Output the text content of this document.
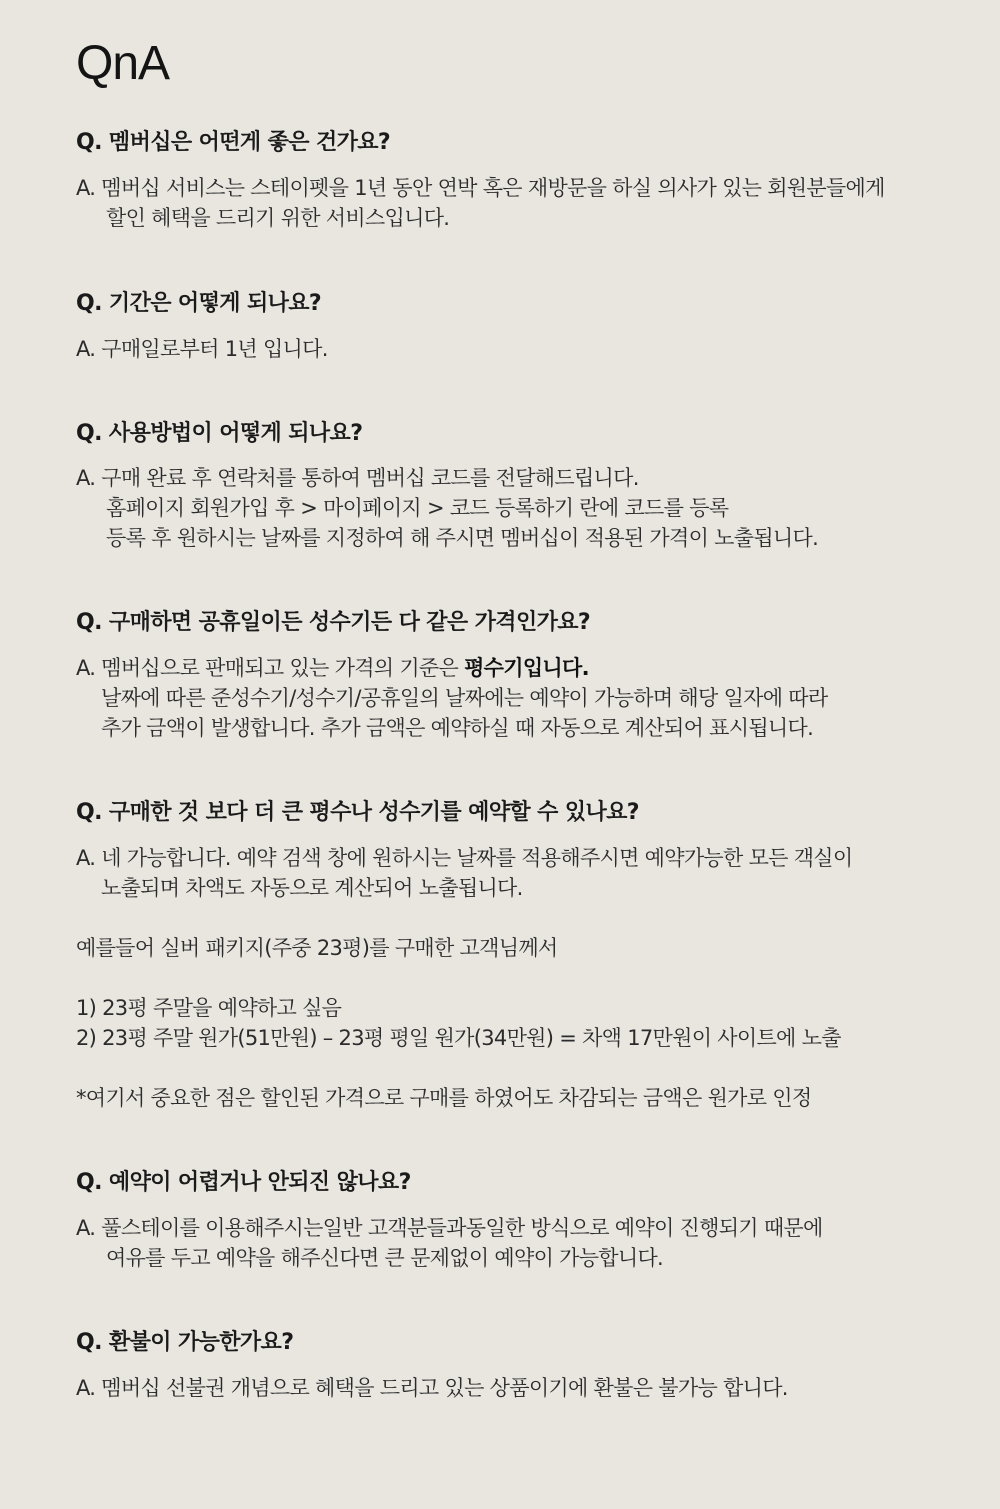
QnA
Q. 멤버십은 어떤게 좋은 건가요?
A. 멤버십 서비스는 스테이펫을 1년 동안 연박 혹은 재방문을 하실 의사가 있는 회원분들에게
할인 혜택을 드리기 위한 서비스입니다.
Q. 기간은 어떻게 되나요?
A. 구매일로부터 1년 입니다.
Q. 사용방법이 어떻게 되나요?
A. 구매 완료 후 연락처를 통하여 멤버십 코드를 전달해드립니다.
홈페이지 회원가입 후 > 마이페이지 > 코드 등록하기 란에 코드를 등록
등록 후 원하시는 날짜를 지정하여 해 주시면 멤버십이 적용된 가격이 노출됩니다.
Q. 구매하면 공휴일이든 성수기든 다 같은 가격인가요?
A. 멤버십으로 판매되고 있는 가격의 기준은 평수기입니다.
날짜에 따른 준성수기/성수기/공휴일의 날짜에는 예약이 가능하며 해당 일자에 따라
추가 금액이 발생합니다. 추가 금액은 예약하실 때 자동으로 계산되어 표시됩니다.
Q. 구매한 것 보다 더 큰 평수나 성수기를 예약할 수 있나요?
A. 네 가능합니다. 예약 검색 창에 원하시는 날짜를 적용해주시면 예약가능한 모든 객실이
노출되며 차액도 자동으로 계산되어 노출됩니다.
예를들어 실버 패키지(주중 23평)를 구매한 고객님께서
1) 23평 주말을 예약하고 싶음
2) 23평 주말 원가(51만원) – 23평 평일 원가(34만원) = 차액 17만원이 사이트에 노출
*여기서 중요한 점은 할인된 가격으로 구매를 하였어도 차감되는 금액은 원가로 인정
Q. 예약이 어렵거나 안되진 않나요?
A. 풀스테이를 이용해주시는일반 고객분들과동일한 방식으로 예약이 진행되기 때문에
여유를 두고 예약을 해주신다면 큰 문제없이 예약이 가능합니다.
Q. 환불이 가능한가요?
A. 멤버십 선불권 개념으로 혜택을 드리고 있는 상품이기에 환불은 불가능 합니다.
